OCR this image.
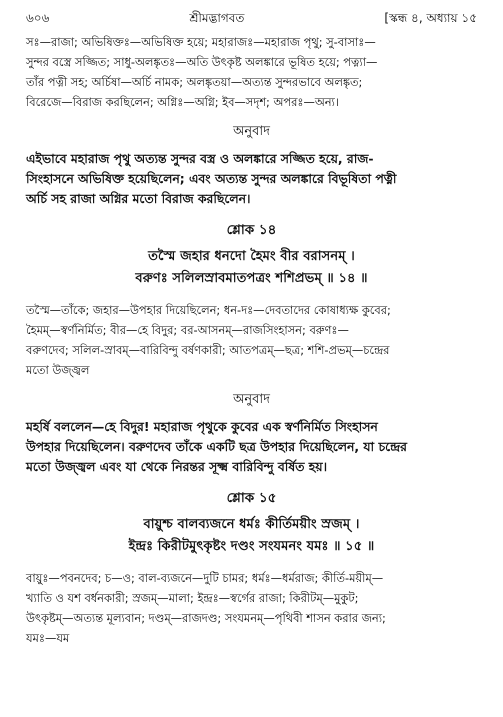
৬০৬	শ্রীমদ্ভাগবত	[স্কন্ধ ৪, অধ্যায় ১৫

সঃ—রাজা; অভিষিক্তঃ—অভিষিক্ত হয়ে; মহারাজঃ—মহারাজ পৃথু; সু-বাসাঃ—

সুন্দর বস্ত্রে সজ্জিত; সাধু-অলঙ্কৃতঃ—অতি উৎকৃষ্ট অলঙ্কারে ভূষিত হয়ে; পত্ন্যা—

তাঁর পত্নী সহ; অর্চিষা—অর্চি নামক; অলঙ্কৃতয়া—অত্যন্ত সুন্দরভাবে অলঙ্কৃত;

বিরেজে—বিরাজ করছিলেন; অগ্নিঃ—অগ্নি; ইব—সদৃশ; অপরঃ—অন্য।

অনুবাদ

এইভাবে মহারাজ পৃথু অত্যন্ত সুন্দর বস্ত্র ও অলঙ্কারে সজ্জিত হয়ে, রাজ-

সিংহাসনে অভিষিক্ত হয়েছিলেন; এবং অত্যন্ত সুন্দর অলঙ্কারে বিভূষিতা পত্নী

অর্চি সহ রাজা অগ্নির মতো বিরাজ করছিলেন।

শ্লোক ১৪

তস্মৈ জহার ধনদো হৈমং বীর বরাসনম্ ।

বরুণঃ সলিলস্রাবমাতপত্রং শশিপ্রভম্ ॥ ১৪ ॥

তস্মৈ—তাঁকে; জহার—উপহার দিয়েছিলেন; ধন-দঃ—দেবতাদের কোষাধ্যক্ষ কুবের;

হৈমম্—স্বর্ণনির্মিত; বীর—হে বিদুর; বর-আসনম্—রাজসিংহাসন; বরুণঃ—

বরুণদেব; সলিল-স্রাবম্—বারিবিন্দু বর্ষণকারী; আতপত্রম্—ছত্র; শশি-প্রভম্—চন্দ্রের

মতো উজ্জ্বল

অনুবাদ

মহর্ষি বললেন—হে বিদুর! মহারাজ পৃথুকে কুবের এক স্বর্ণনির্মিত সিংহাসন

উপহার দিয়েছিলেন। বরুণদেব তাঁকে একটি ছত্র উপহার দিয়েছিলেন, যা চন্দ্রের

মতো উজ্জ্বল এবং যা থেকে নিরন্তর সূক্ষ্ম বারিবিন্দু বর্ষিত হয়।

শ্লোক ১৫

বায়ুশ্চ বালব্যজনে ধর্মঃ কীর্তিময়ীং স্রজম্ ।

ইন্দ্রঃ কিরীটমুৎকৃষ্টং দণ্ডং সংযমনং যমঃ ॥ ১৫ ॥

বায়ুঃ—পবনদেব; চ—ও; বাল-ব্যজনে—দুটি চামর; ধর্মঃ—ধর্মরাজ; কীর্তি-ময়ীম্—

খ্যাতি ও যশ বর্ধনকারী; স্রজম্—মালা; ইন্দ্রঃ—স্বর্গের রাজা; কিরীটম্—মুকুট;

উৎকৃষ্টম্—অত্যন্ত মূল্যবান; দণ্ডম্—রাজদণ্ড; সংযমনম্—পৃথিবী শাসন করার জন্য;

যমঃ—যম
